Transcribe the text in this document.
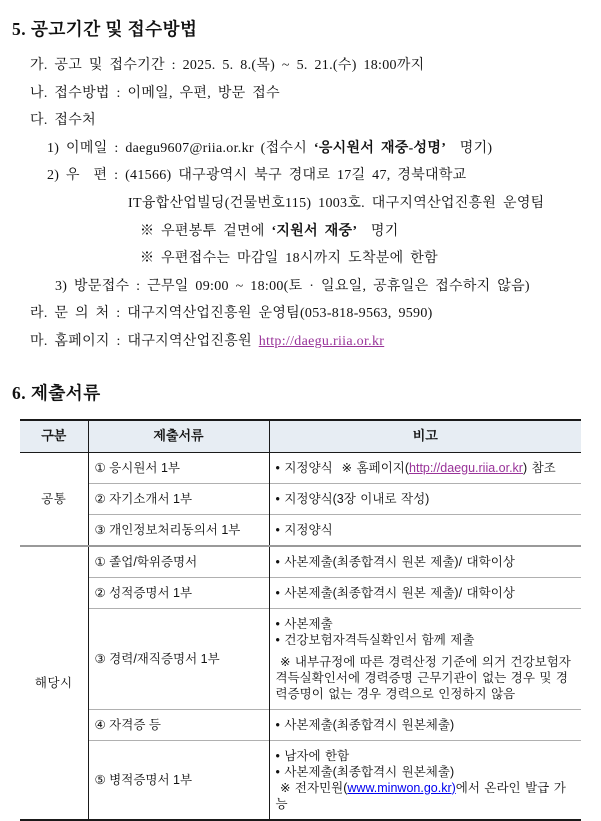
5. 공고기간 및 접수방법
가. 공고 및 접수기간 : 2025. 5. 8.(목) ~ 5. 21.(수) 18:00까지
나. 접수방법 : 이메일, 우편, 방문 접수
다. 접수처
1) 이메일 : daegu9607@riia.or.kr (접수시 ‘응시원서 재중-성명’  명기)
2) 우  편 : (41566) 대구광역시 북구 경대로 17길 47, 경북대학교
IT융합산업빌딩(건물번호115) 1003호. 대구지역산업진흥원 운영팀
※ 우편봉투 겉면에 ‘지원서 재중’  명기
※ 우편접수는 마감일 18시까지 도착분에 한함
3) 방문접수 : 근무일 09:00 ~ 18:00(토 · 일요일, 공휴일은 접수하지 않음)
라. 문 의 처 : 대구지역산업진흥원 운영팀(053-818-9563, 9590)
마. 홈페이지 : 대구지역산업진흥원 http://daegu.riia.or.kr
6. 제출서류
구분	제출서류	비고
공통	① 응시원서 1부	• 지정양식  ※ 홈페이지(http://daegu.riia.or.kr) 참조

	② 자기소개서 1부	• 지정양식(3장 이내로 작성)

	③ 개인정보처리동의서 1부	• 지정양식

해당시	① 졸업/학위증명서	• 사본제출(최종합격시 원본 제출)/ 대학이상

	② 성적증명서 1부	• 사본제출(최종합격시 원본 제출)/ 대학이상

	③ 경력/재직증명서 1부	• 사본제출
• 건강보험자격득실확인서 함께 제출
※ 내부규정에 따른 경력산정 기준에 의거 건강보험자격득실확인서에 경력증명 근무기관이 없는 경우 및 경력증명이 없는 경우 경력으로 인정하지 않음

	④ 자격증 등	• 사본제출(최종합격시 원본체출)

	⑤ 병적증명서 1부	• 남자에 한함
• 사본제출(최종합격시 원본체출)
※ 전자민원(www.minwon.go.kr)에서 온라인 발급 가능
